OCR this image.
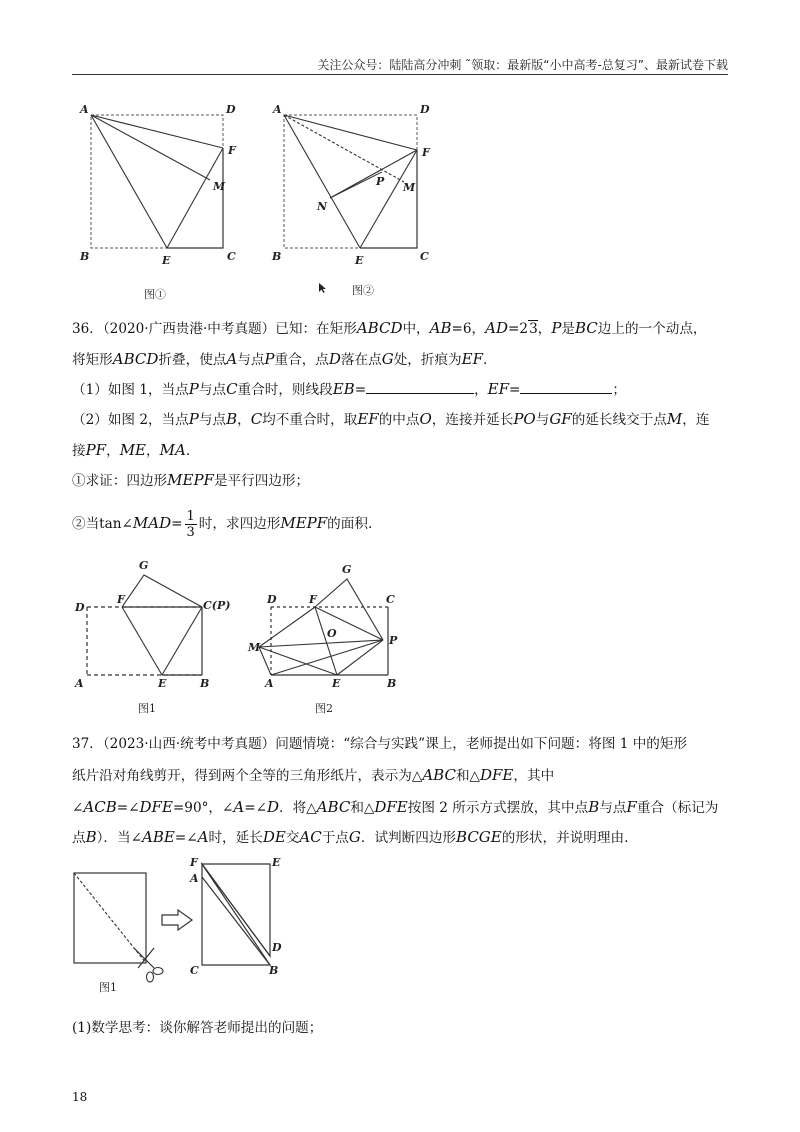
关注公众号：陆陆高分冲刺 ˜领取：最新版“小中高考-总复习”、最新试卷下载
A	D
F
M
B	E	C
图①
A	D
F
P M
N
B	E	C
图②
36．（2020·广西贵港·中考真题）已知：在矩形ABCD中，AB=6，AD=23，P是BC边上的一个动点，
将矩形ABCD折叠，使点A与点P重合，点D落在点G处，折痕为EF.
（1）如图 1，当点P与点C重合时，则线段EB=	，EF=	；
（2）如图 2，当点P与点B，C均不重合时，取EF的中点O，连接并延长PO与GF的延长线交于点M，连
接PF，ME，MA.
①求证：四边形MEPF是平行四边形；
②当tan∠MAD= $\frac{1}{3}$ 时，求四边形MEPF的面积.
G
D
F	C(P)
A	E	B
图1
G
D	F	C
O
P
M
A	E	B
图2
37．（2023·山西·统考中考真题）问题情境：“综合与实践”课上，老师提出如下问题：将图 1 中的矩形
纸片沿对角线剪开，得到两个全等的三角形纸片，表示为△ABC和△DFE，其中
∠ACB=∠DFE=90°，∠A=∠D．将△ABC和△DFE按图 2 所示方式摆放，其中点B与点F重合（标记为
点B）．当∠ABE=∠A时，延长DE交AC于点G．试判断四边形BCGE的形状，并说明理由.
图1
F	E
A
D
C	B
(1)数学思考：谈你解答老师提出的问题；
18
